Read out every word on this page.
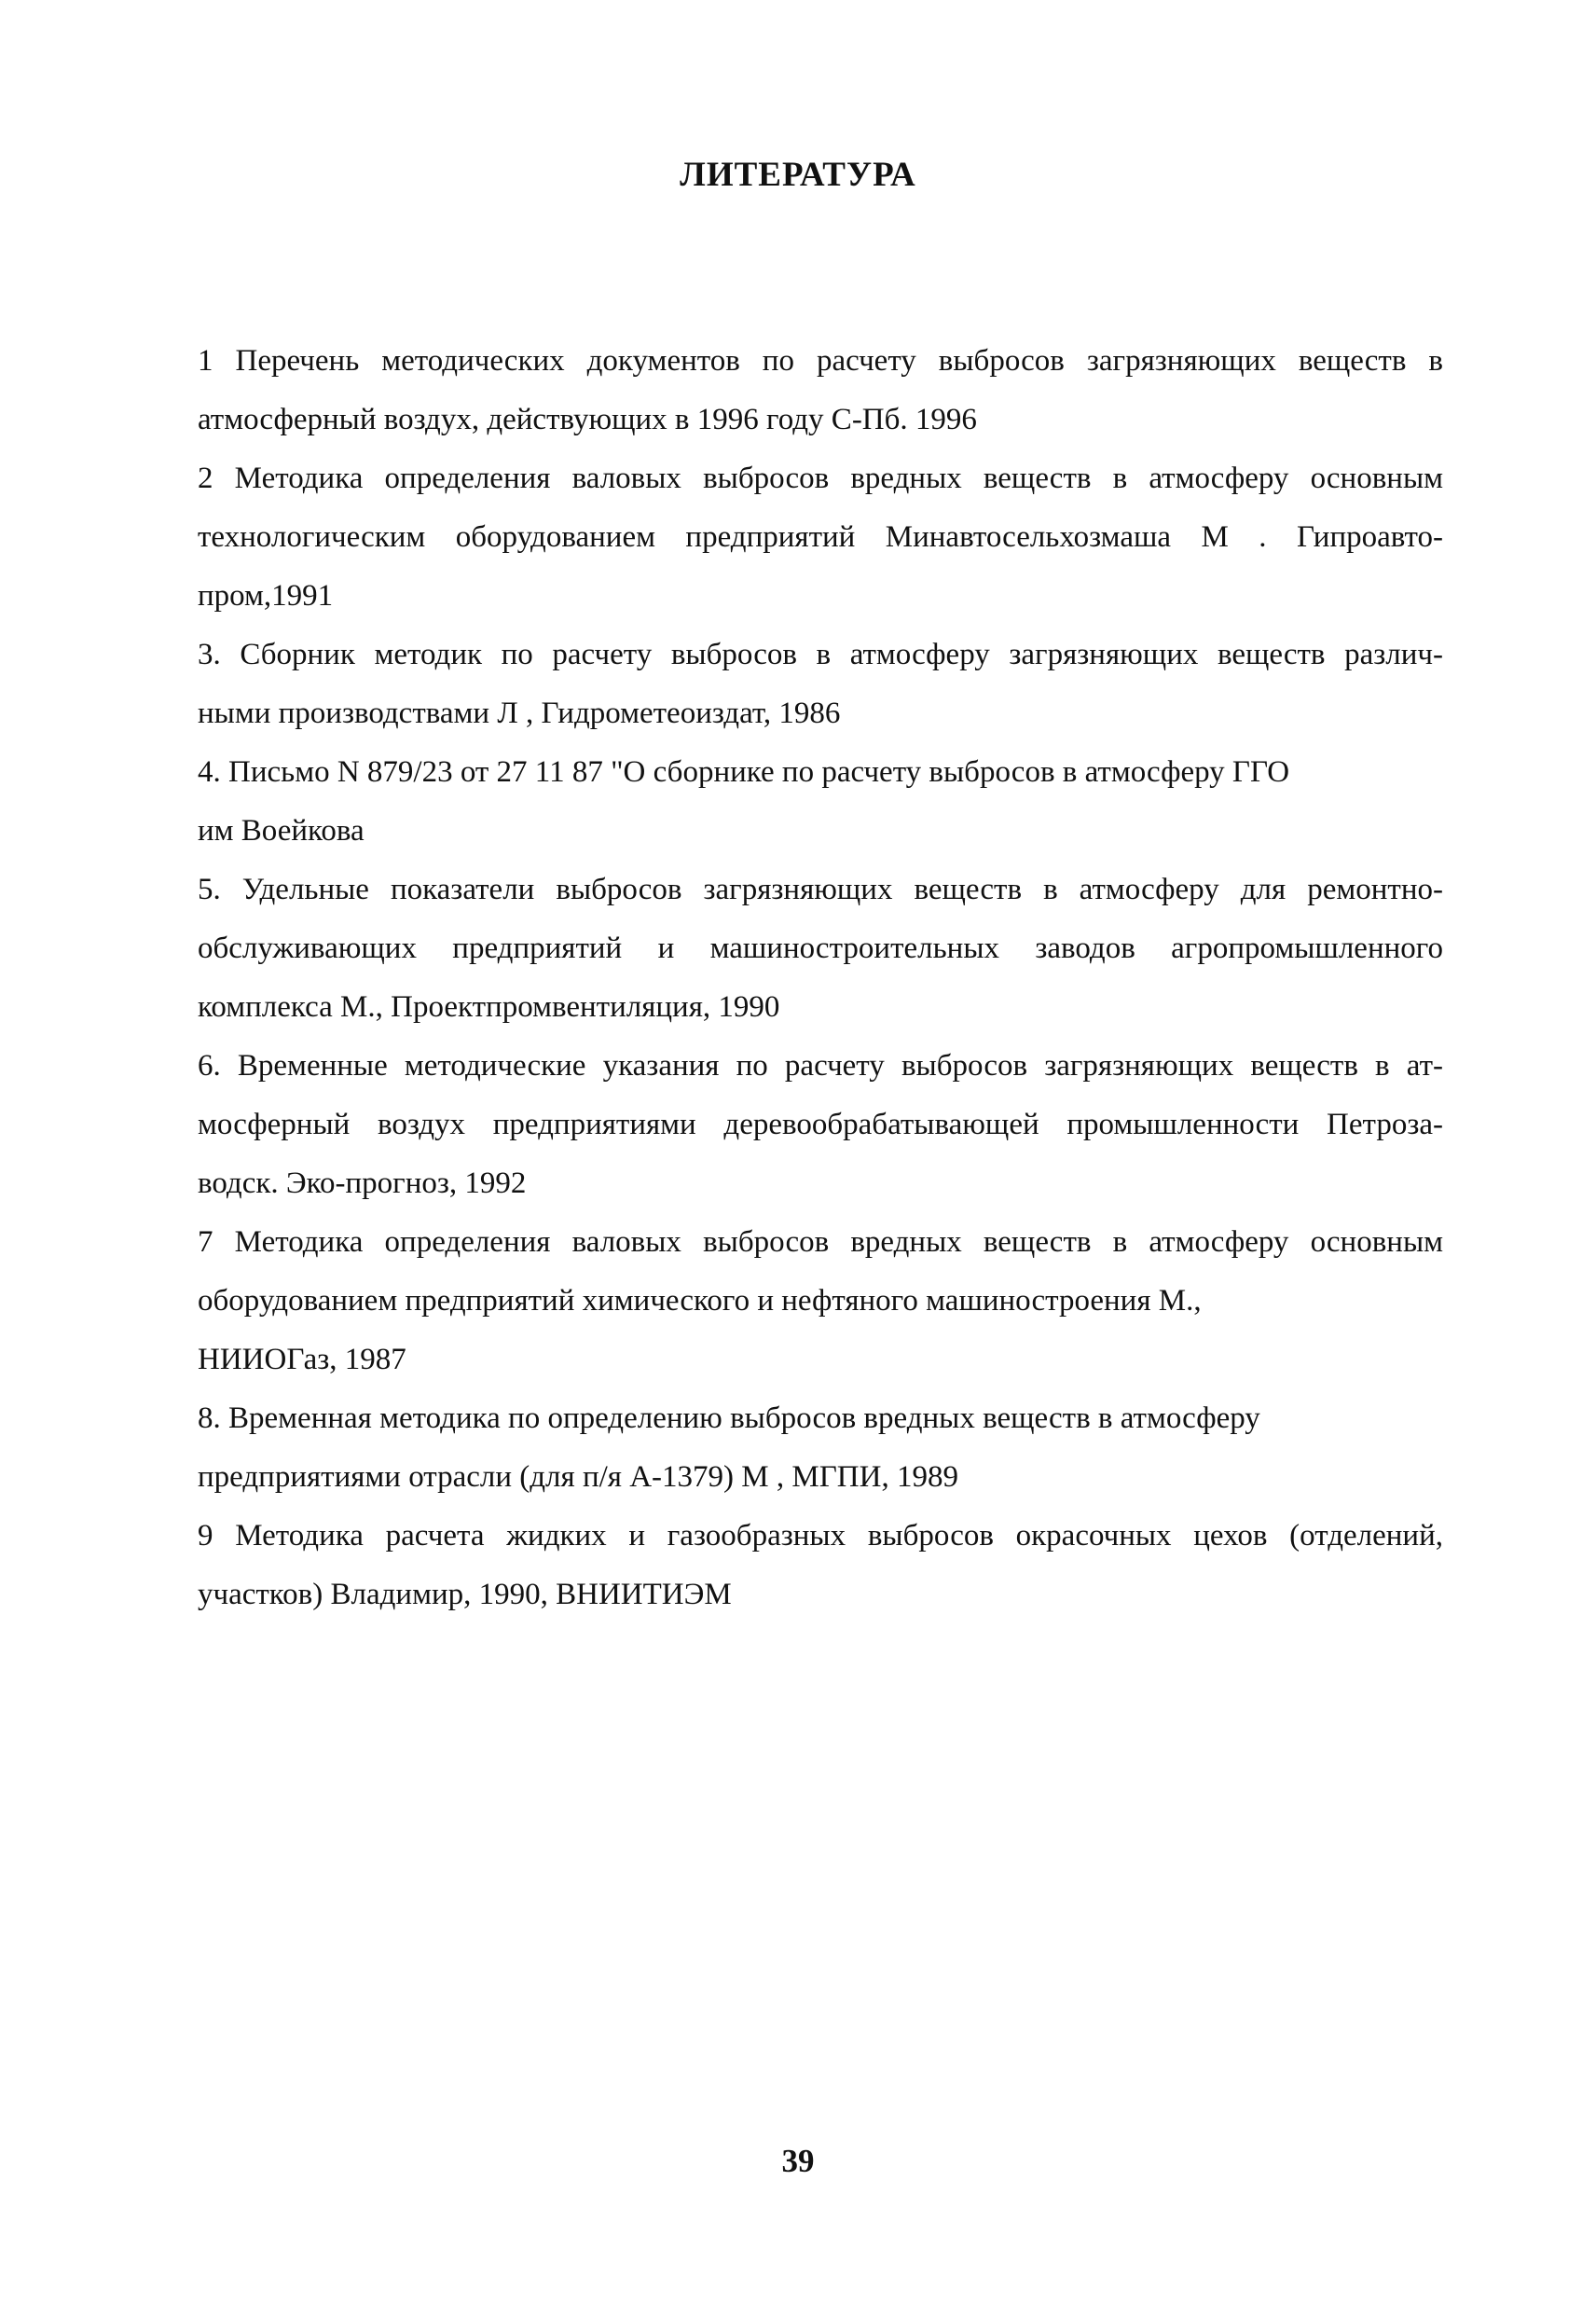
ЛИТЕРАТУРА
1 Перечень методических документов по расчету выбросов загрязняющих веществ в
атмосферный воздух, действующих в 1996 году С-Пб. 1996
2 Методика определения валовых выбросов вредных веществ в атмосферу основным
технологическим оборудованием предприятий Минавтосельхозмаша М . Гипроавто-
пром,1991
3. Сборник методик по расчету выбросов в атмосферу загрязняющих веществ различ-
ными производствами Л , Гидрометеоиздат, 1986
4. Письмо N 879/23 от 27 11 87 "О сборнике по расчету выбросов в атмосферу ГГО
им Воейкова
5. Удельные показатели выбросов загрязняющих веществ в атмосферу для ремонтно-
обслуживающих предприятий и машиностроительных заводов агропромышленного
комплекса М., Проектпромвентиляция, 1990
6. Временные методические указания по расчету выбросов загрязняющих веществ в ат-
мосферный воздух предприятиями деревообрабатывающей промышленности Петроза-
водск. Эко-прогноз, 1992
7 Методика определения валовых выбросов вредных веществ в атмосферу основным
оборудованием предприятий химического и нефтяного машиностроения М.,
НИИОГаз, 1987
8. Временная методика по определению выбросов вредных веществ в атмосферу
предприятиями отрасли (для п/я А-1379) М , МГПИ, 1989
9 Методика расчета жидких и газообразных выбросов окрасочных цехов (отделений,
участков) Владимир, 1990, ВНИИТИЭМ
39
